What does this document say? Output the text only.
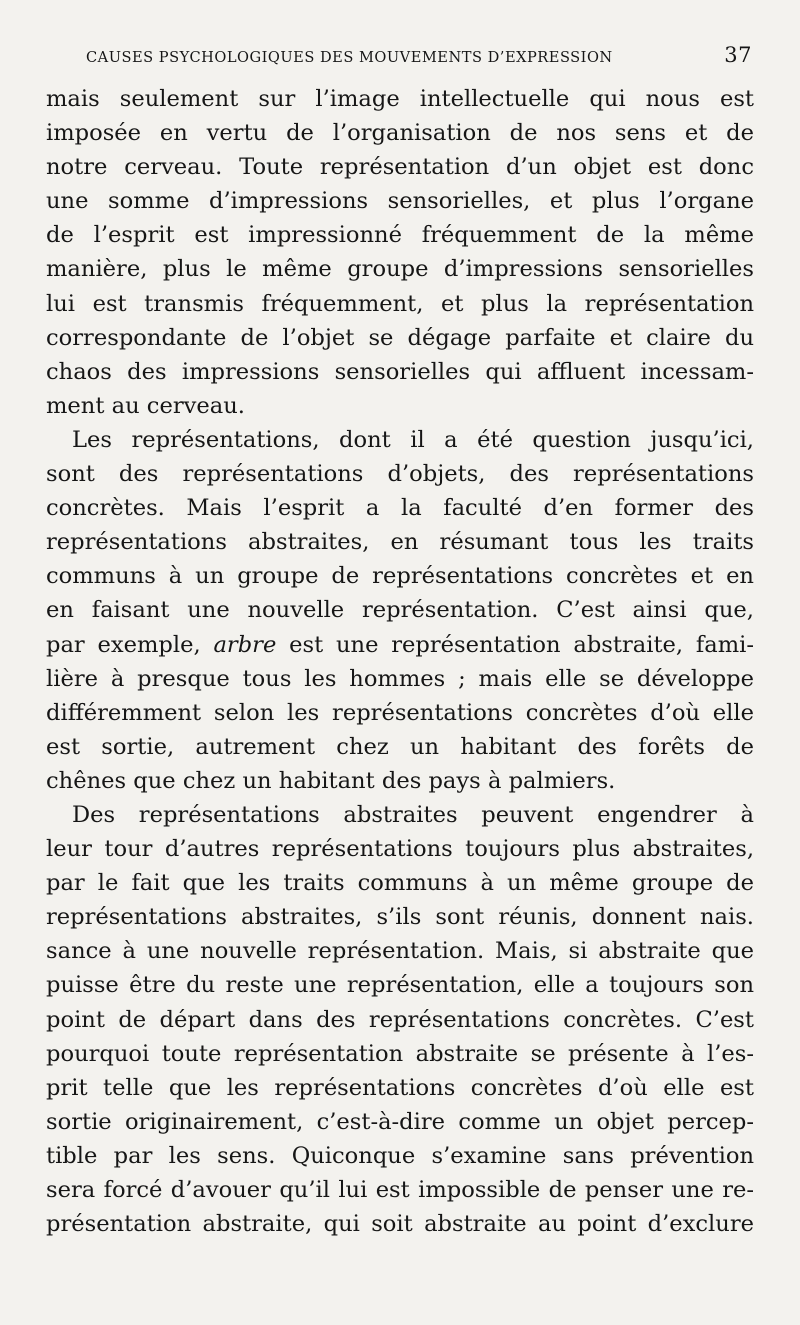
CAUSES PSYCHOLOGIQUES DES MOUVEMENTS D’EXPRESSION	37
mais seulement sur l’image intellectuelle qui nous est
imposée en vertu de l’organisation de nos sens et de
notre cerveau. Toute représentation d’un objet est donc
une somme d’impressions sensorielles, et plus l’organe
de l’esprit est impressionné fréquemment de la même
manière, plus le même groupe d’impressions sensorielles
lui est transmis fréquemment, et plus la représentation
correspondante de l’objet se dégage parfaite et claire du
chaos des impressions sensorielles qui affluent incessam-
ment au cerveau.
Les représentations, dont il a été question jusqu’ici,
sont des représentations d’objets, des représentations
concrètes. Mais l’esprit a la faculté d’en former des
représentations abstraites, en résumant tous les traits
communs à un groupe de représentations concrètes et en
en faisant une nouvelle représentation. C’est ainsi que,
par exemple, arbre est une représentation abstraite, fami-
lière à presque tous les hommes ; mais elle se développe
différemment selon les représentations concrètes d’où elle
est sortie, autrement chez un habitant des forêts de
chênes que chez un habitant des pays à palmiers.
Des représentations abstraites peuvent engendrer à
leur tour d’autres représentations toujours plus abstraites,
par le fait que les traits communs à un même groupe de
représentations abstraites, s’ils sont réunis, donnent nais.
sance à une nouvelle représentation. Mais, si abstraite que
puisse être du reste une représentation, elle a toujours son
point de départ dans des représentations concrètes. C’est
pourquoi toute représentation abstraite se présente à l’es-
prit telle que les représentations concrètes d’où elle est
sortie originairement, c’est-à-dire comme un objet percep-
tible par les sens. Quiconque s’examine sans prévention
sera forcé d’avouer qu’il lui est impossible de penser une re-
présentation abstraite, qui soit abstraite au point d’exclure
